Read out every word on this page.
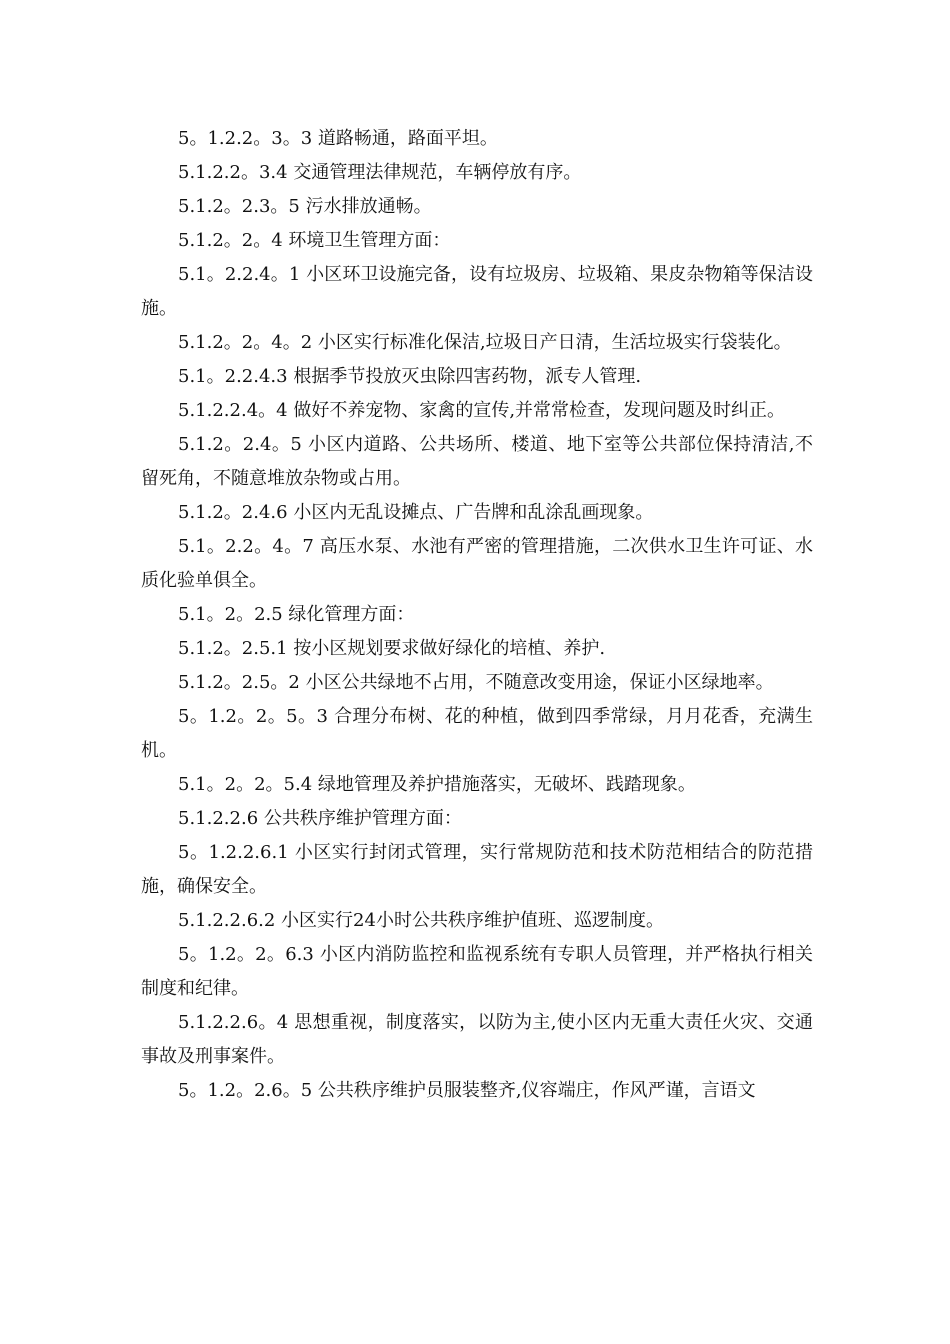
5。1.2.2。3。3 道路畅通，路面平坦。

5.1.2.2。3.4 交通管理法律规范，车辆停放有序。

5.1.2。2.3。5 污水排放通畅。

5.1.2。2。4 环境卫生管理方面：

5.1。2.2.4。1 小区环卫设施完备，设有垃圾房、垃圾箱、果皮杂物箱等保洁设施。

5.1.2。2。4。2 小区实行标准化保洁,垃圾日产日清，生活垃圾实行袋装化。

5.1。2.2.4.3 根据季节投放灭虫除四害药物，派专人管理.

5.1.2.2.4。4 做好不养宠物、家禽的宣传,并常常检查，发现问题及时纠正。

5.1.2。2.4。5 小区内道路、公共场所、楼道、地下室等公共部位保持清洁,不留死角，不随意堆放杂物或占用。

5.1.2。2.4.6 小区内无乱设摊点、广告牌和乱涂乱画现象。

5.1。2.2。4。7 高压水泵、水池有严密的管理措施，二次供水卫生许可证、水质化验单俱全。

5.1。2。2.5 绿化管理方面：

5.1.2。2.5.1 按小区规划要求做好绿化的培植、养护.

5.1.2。2.5。2 小区公共绿地不占用，不随意改变用途，保证小区绿地率。

5。1.2。2。5。3 合理分布树、花的种植，做到四季常绿，月月花香，充满生机。

5.1。2。2。5.4 绿地管理及养护措施落实，无破坏、践踏现象。

5.1.2.2.6 公共秩序维护管理方面：

5。1.2.2.6.1 小区实行封闭式管理，实行常规防范和技术防范相结合的防范措施，确保安全。

5.1.2.2.6.2 小区实行24小时公共秩序维护值班、巡逻制度。

5。1.2。2。6.3 小区内消防监控和监视系统有专职人员管理，并严格执行相关制度和纪律。

5.1.2.2.6。4 思想重视，制度落实，以防为主,使小区内无重大责任火灾、交通事故及刑事案件。

5。1.2。2.6。5 公共秩序维护员服装整齐,仪容端庄，作风严谨，言语文
